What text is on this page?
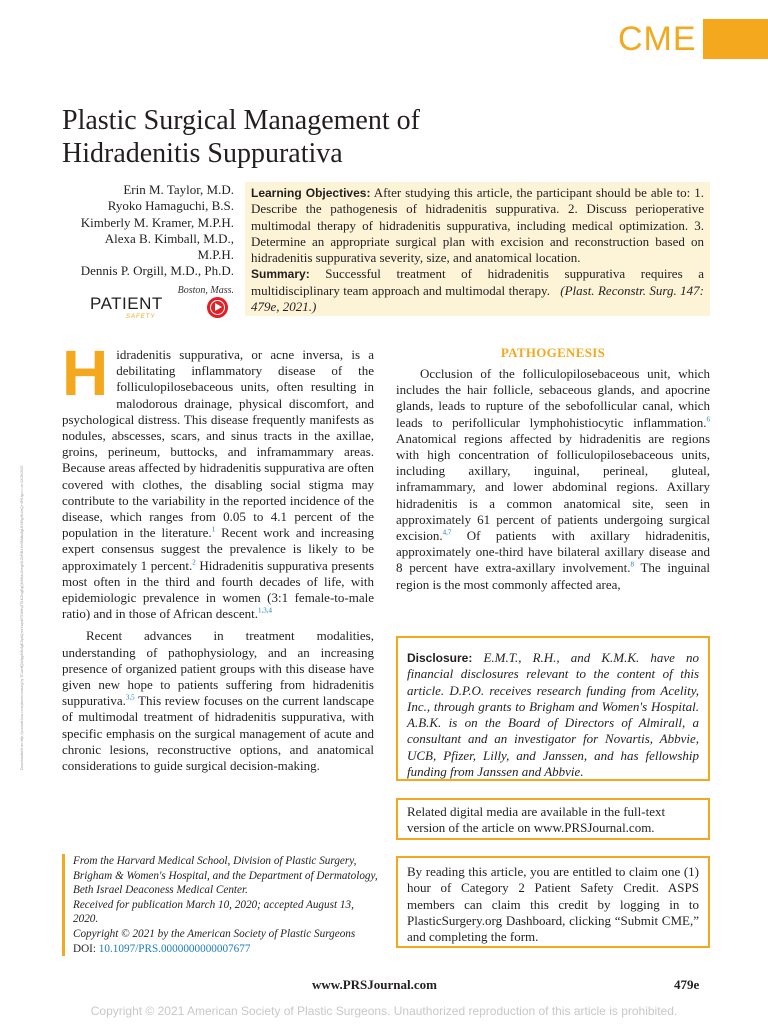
CME
Downloaded from http://journals.lww.com/plasreconsurg by TCuxhfQlaiIyg/NKvfgEJIyAQmvXwpd5TDbHsjT5LKZIsgEqQK/MkkuVmgr3LZbPlBzYvr5Mdtw2gLBXt9gYKxmQ+4PtUyp== on 02/26/2021
Plastic Surgical Management of
Hidradenitis Suppurativa
Erin M. Taylor, M.D.
Ryoko Hamaguchi, B.S.
Kimberly M. Kramer, M.P.H.
Alexa B. Kimball, M.D.,
M.P.H.
Dennis P. Orgill, M.D., Ph.D.
Boston, Mass.
PATIENT
SAFETY
Learning Objectives: After studying this article, the participant should be able to: 1. Describe the pathogenesis of hidradenitis suppurativa. 2. Discuss perioperative multimodal therapy of hidradenitis suppurativa, including medical optimization. 3. Determine an appropriate surgical plan with excision and reconstruction based on hidradenitis suppurativa severity, size, and anatomical location.
Summary: Successful treatment of hidradenitis suppurativa requires a multidisciplinary team approach and multimodal therapy. (Plast. Reconstr. Surg. 147: 479e, 2021.)

Hidradenitis suppurativa, or acne inversa, is a debilitating inflammatory disease of the folliculopilosebaceous units, often resulting in malodorous drainage, physical discomfort, and psychological distress. This disease frequently manifests as nodules, abscesses, scars, and sinus tracts in the axillae, groins, perineum, buttocks, and inframammary areas. Because areas affected by hidradenitis suppurativa are often covered with clothes, the disabling social stigma may contribute to the variability in the reported incidence of the disease, which ranges from 0.05 to 4.1 percent of the population in the literature.$^1$ Recent work and increasing expert consensus suggest the prevalence is likely to be approximately 1 percent.$^2$ Hidradenitis suppurativa presents most often in the third and fourth decades of life, with epidemiologic prevalence in women (3:1 female-to-male ratio) and in those of African descent.$^{1,3,4}$

Recent advances in treatment modalities, understanding of pathophysiology, and an increasing presence of organized patient groups with this disease have given new hope to patients suffering from hidradenitis suppurativa.$^{3,5}$ This review focuses on the current landscape of multimodal treatment of hidradenitis suppurativa, with specific emphasis on the surgical management of acute and chronic lesions, reconstructive options, and anatomical considerations to guide surgical decision-making.

PATHOGENESIS

Occlusion of the folliculopilosebaceous unit, which includes the hair follicle, sebaceous glands, and apocrine glands, leads to rupture of the sebofollicular canal, which leads to perifollicular lymphohistiocytic inflammation.$^6$ Anatomical regions affected by hidradenitis are regions with high concentration of folliculopilosebaceous units, including axillary, inguinal, perineal, gluteal, inframammary, and lower abdominal regions. Axillary hidradenitis is a common anatomical site, seen in approximately 61 percent of patients undergoing surgical excision.$^{4,7}$ Of patients with axillary hidradenitis, approximately one-third have bilateral axillary disease and 8 percent have extra-axillary involvement.$^8$ The inguinal region is the most commonly affected area,

Disclosure: E.M.T., R.H., and K.M.K. have no financial disclosures relevant to the content of this article. D.P.O. receives research funding from Acelity, Inc., through grants to Brigham and Women's Hospital. A.B.K. is on the Board of Directors of Almirall, a consultant and an investigator for Novartis, Abbvie, UCB, Pfizer, Lilly, and Janssen, and has fellowship funding from Janssen and Abbvie.
Related digital media are available in the full-text version of the article on www.PRSJournal.com.
By reading this article, you are entitled to claim one (1) hour of Category 2 Patient Safety Credit. ASPS members can claim this credit by logging in to PlasticSurgery.org Dashboard, clicking “Submit CME,” and completing the form.
From the Harvard Medical School, Division of Plastic Surgery, Brigham & Women's Hospital, and the Department of Dermatology, Beth Israel Deaconess Medical Center.
Received for publication March 10, 2020; accepted August 13, 2020.
Copyright © 2021 by the American Society of Plastic Surgeons
DOI: 10.1097/PRS.0000000000007677
www.PRSJournal.com	479e
Copyright © 2021 American Society of Plastic Surgeons. Unauthorized reproduction of this article is prohibited.
